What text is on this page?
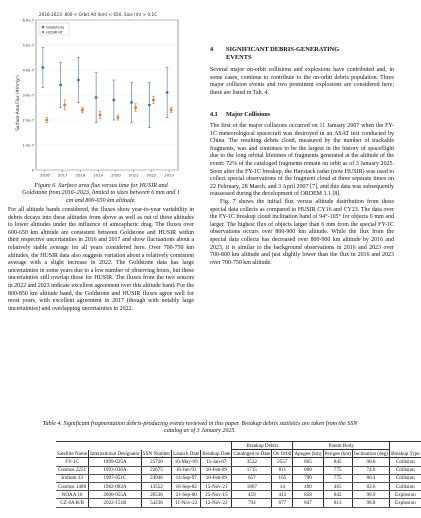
2016-2023: 800 < Orbit Alt (km) < 650, Size (m) > 0.1C
0
1.0e-7
2.0e-7
3.0e-7
4.0e-7
5.0e-7
6.0e-7
2016 2017 2018 2019 2020 2021 2022 2023
Goldstone
HUSIR Fit
Surface Area Flux (#/m²/yr)
Figure 6. Surface area flux versus time for HUSIR and Goldstone from 2016–2023, limited to sizes between 6 mm and 1 cm and 800-650 km altitude.

For all altitude bands considered, the fluxes show year-to-year variability in debris decays into these altitudes from above as well as out of these altitudes to lower altitudes under the influence of atmospheric drag. The fluxes over 600-650 km altitude are consistent between Goldstone and HUSIR within their respective uncertainties in 2016 and 2017 and show fluctuations about a relatively stable average for all years considered here. Over 700-750 km altitudes, the HUSIR data also suggests variation about a relatively consistent average with a slight increase in 2022. The Goldstone data has large uncertainties in some years due to a low number of observing hours, but these uncertainties still overlap those for HUSIR. The fluxes from the two sensors in 2022 and 2023 indicate excellent agreement over this altitude band. For the 800-850 km altitude band, the Goldstone and HUSIR fluxes agree well for most years, with excellent agreement in 2017 (though with notably large uncertainties) and overlapping uncertainties in 2022.

4 SIGNIFICANT DEBRIS-GENERATING
EVENTS

Several major on-orbit collisions and explosions have contributed and, in some cases, continue to contribute to the on-orbit debris population. Three major collision events and two prominent explosions are considered here; these are listed in Tab. 4.

4.1 Major Collisions

The first of the major collisions occurred on 11 January 2007 when the FY-1C meteorological spacecraft was destroyed in an ASAT test conducted by China. The resulting debris cloud, measured by the number of trackable fragments, was and continues to be the largest in the history of spaceflight due to the long orbital lifetimes of fragments generated at the altitude of the event: 72% of the cataloged fragments remain on orbit as of 3 January 2025. Soon after the FY-1C breakup, the Haystack radar (now HUSIR) was used to collect special observations of the fragment cloud at three separate times on 22 February, 28 March, and 3 April 2007 [7], and this data was subsequently reassessed during the development of ORDEM 3.1 [8].

Fig. 7 shows the initial flux versus altitude distribution from these special data collects as compared to HUSIR CY16 and CY23. The data over the FY-1C breakup cloud inclination band of 94°-105° for objects 6 mm and larger. The highest flux of objects larger than 6 mm from the special FY-1C observations occurs over 800-900 km altitude. While the flux from the special data collects has decreased over 800-900 km altitude by 2016 and 2023, it is similar to the background observations in 2016 and 2023 over 700-800 km altitude and just slightly lower than the flux in 2016 and 2023 over 700-750 km altitude.

Table 4. Significant fragmentation debris-producing events reviewed in this paper. Breakup debris statistics are taken from the SSN catalog as of 3 January 2025.
					Breakup Debris		Parent Body			
Satellite Name	International Designator	SSN Number	Launch Date	Breakup Date	Cataloged to Date	On Orbit	Apogee (km)	Perigee (km)	Inclination (deg)	Breakup Type
FY-1C	1999-025A	25730	10-May-99	11-Jan-07	3532	2557	865	845	98.6	Collision
Cosmos 2251	1993-036A	22675	16-Jun-93	10-Feb-09	1715	811	800	775	74.0	Collision
Iridium 33	1997-051C	24946	14-Sep-97	10-Feb-09	657	165	790	775	86.4	Collision
Cosmos 1408	1982-092A	13552	16-Sep-82	15-Nov-21	1807	14	490	465	82.6	Collision
NOAA 16	2000-055A	26536	21-Sep-00	25-Nov-15	459	413	858	842	98.9	Explosion
CZ-6A R/B	2022-151B	54236	11-Nov-22	12-Nov-22	794	677	847	813	98.8	Explosion
